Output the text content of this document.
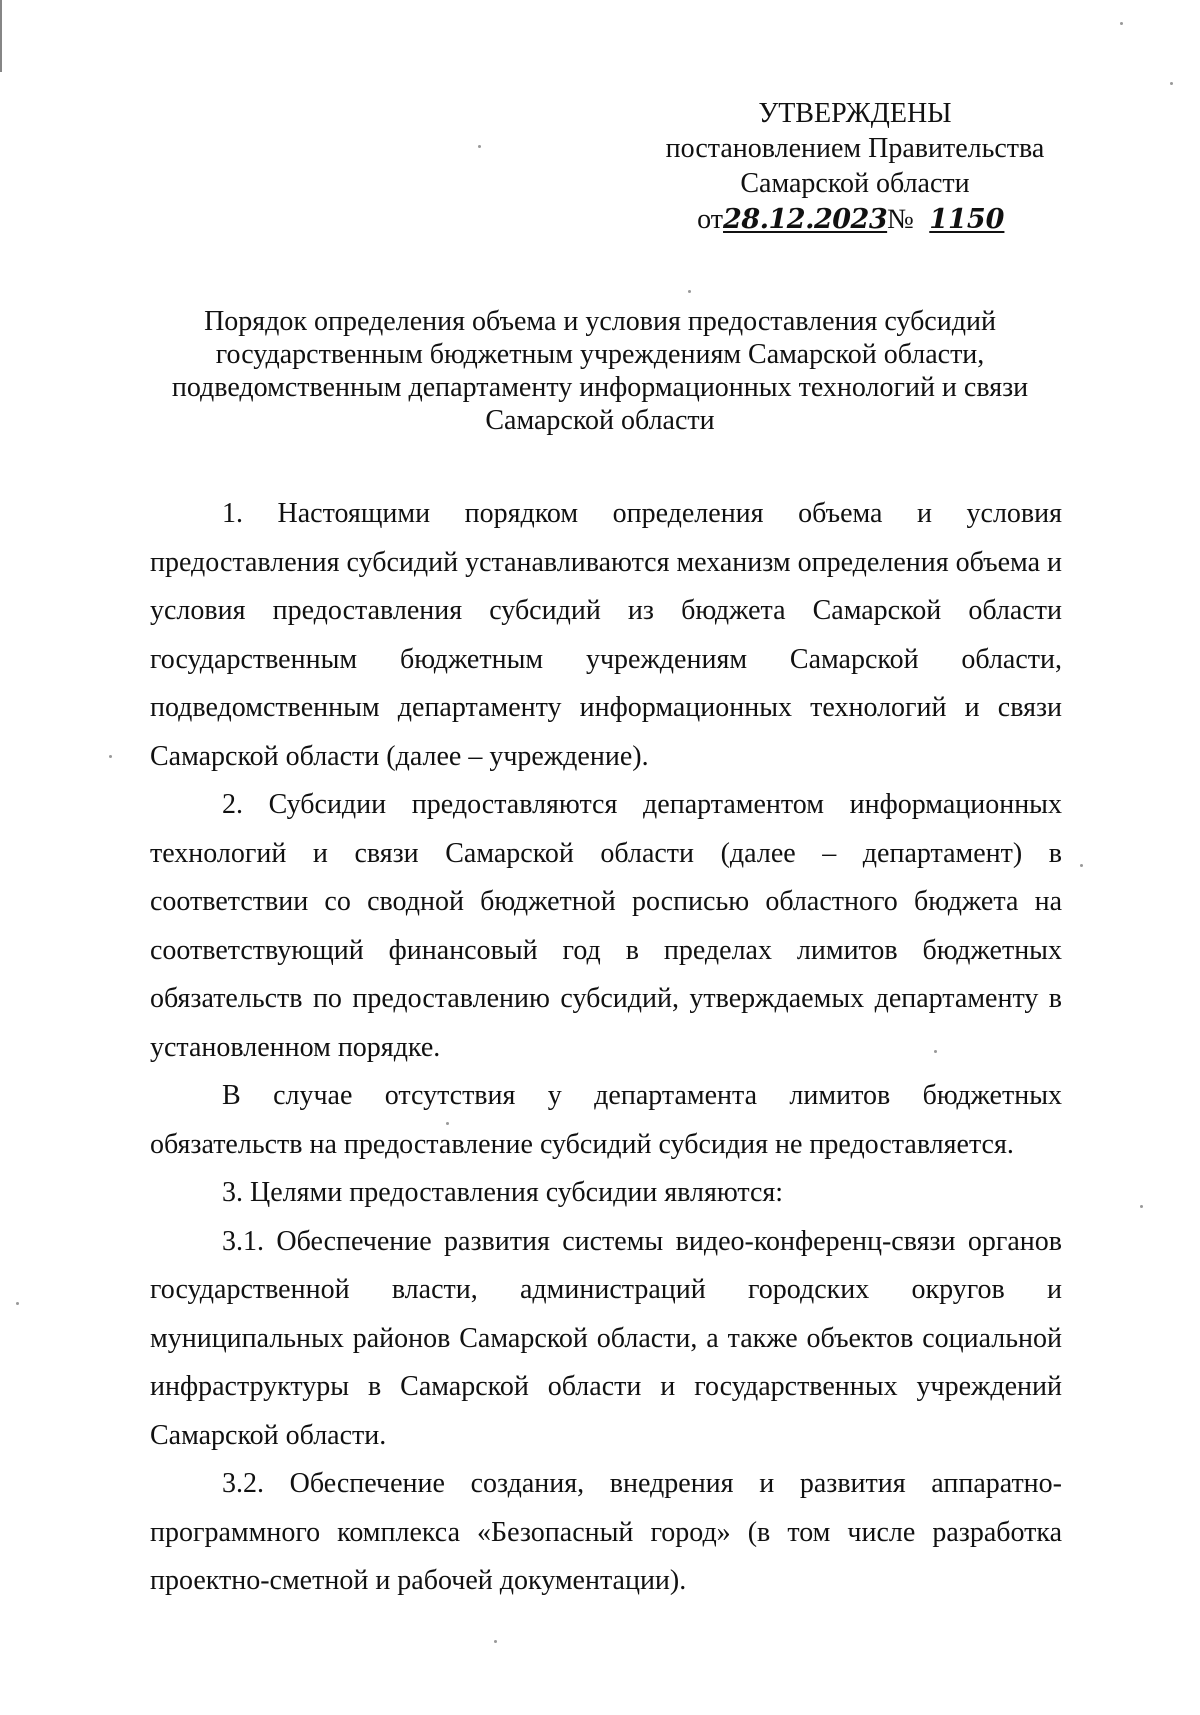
УТВЕРЖДЕНЫ
постановлением Правительства
Самарской области
от28.12.2023№ 1150
Порядок определения объема и условия предоставления субсидий
государственным бюджетным учреждениям Самарской области,
подведомственным департаменту информационных технологий и связи
Самарской области

1. Настоящими порядком определения объема и условия предоставления субсидий устанавливаются механизм определения объема и условия предоставления субсидий из бюджета Самарской области государственным бюджетным учреждениям Самарской области, подведомственным департаменту информационных технологий и связи Самарской области (далее – учреждение).

2. Субсидии предоставляются департаментом информационных технологий и связи Самарской области (далее – департамент) в соответствии со сводной бюджетной росписью областного бюджета на соответствующий финансовый год в пределах лимитов бюджетных обязательств по предоставлению субсидий, утверждаемых департаменту в установленном порядке.

В случае отсутствия у департамента лимитов бюджетных обязательств на предоставление субсидий субсидия не предоставляется.

3. Целями предоставления субсидии являются:

3.1. Обеспечение развития системы видео-конференц-связи органов государственной власти, администраций городских округов и муниципальных районов Самарской области, а также объектов социальной инфраструктуры в Самарской области и государственных учреждений Самарской области.

3.2. Обеспечение создания, внедрения и развития аппаратно-программного комплекса «Безопасный город» (в том числе разработка проектно-сметной и рабочей документации).
